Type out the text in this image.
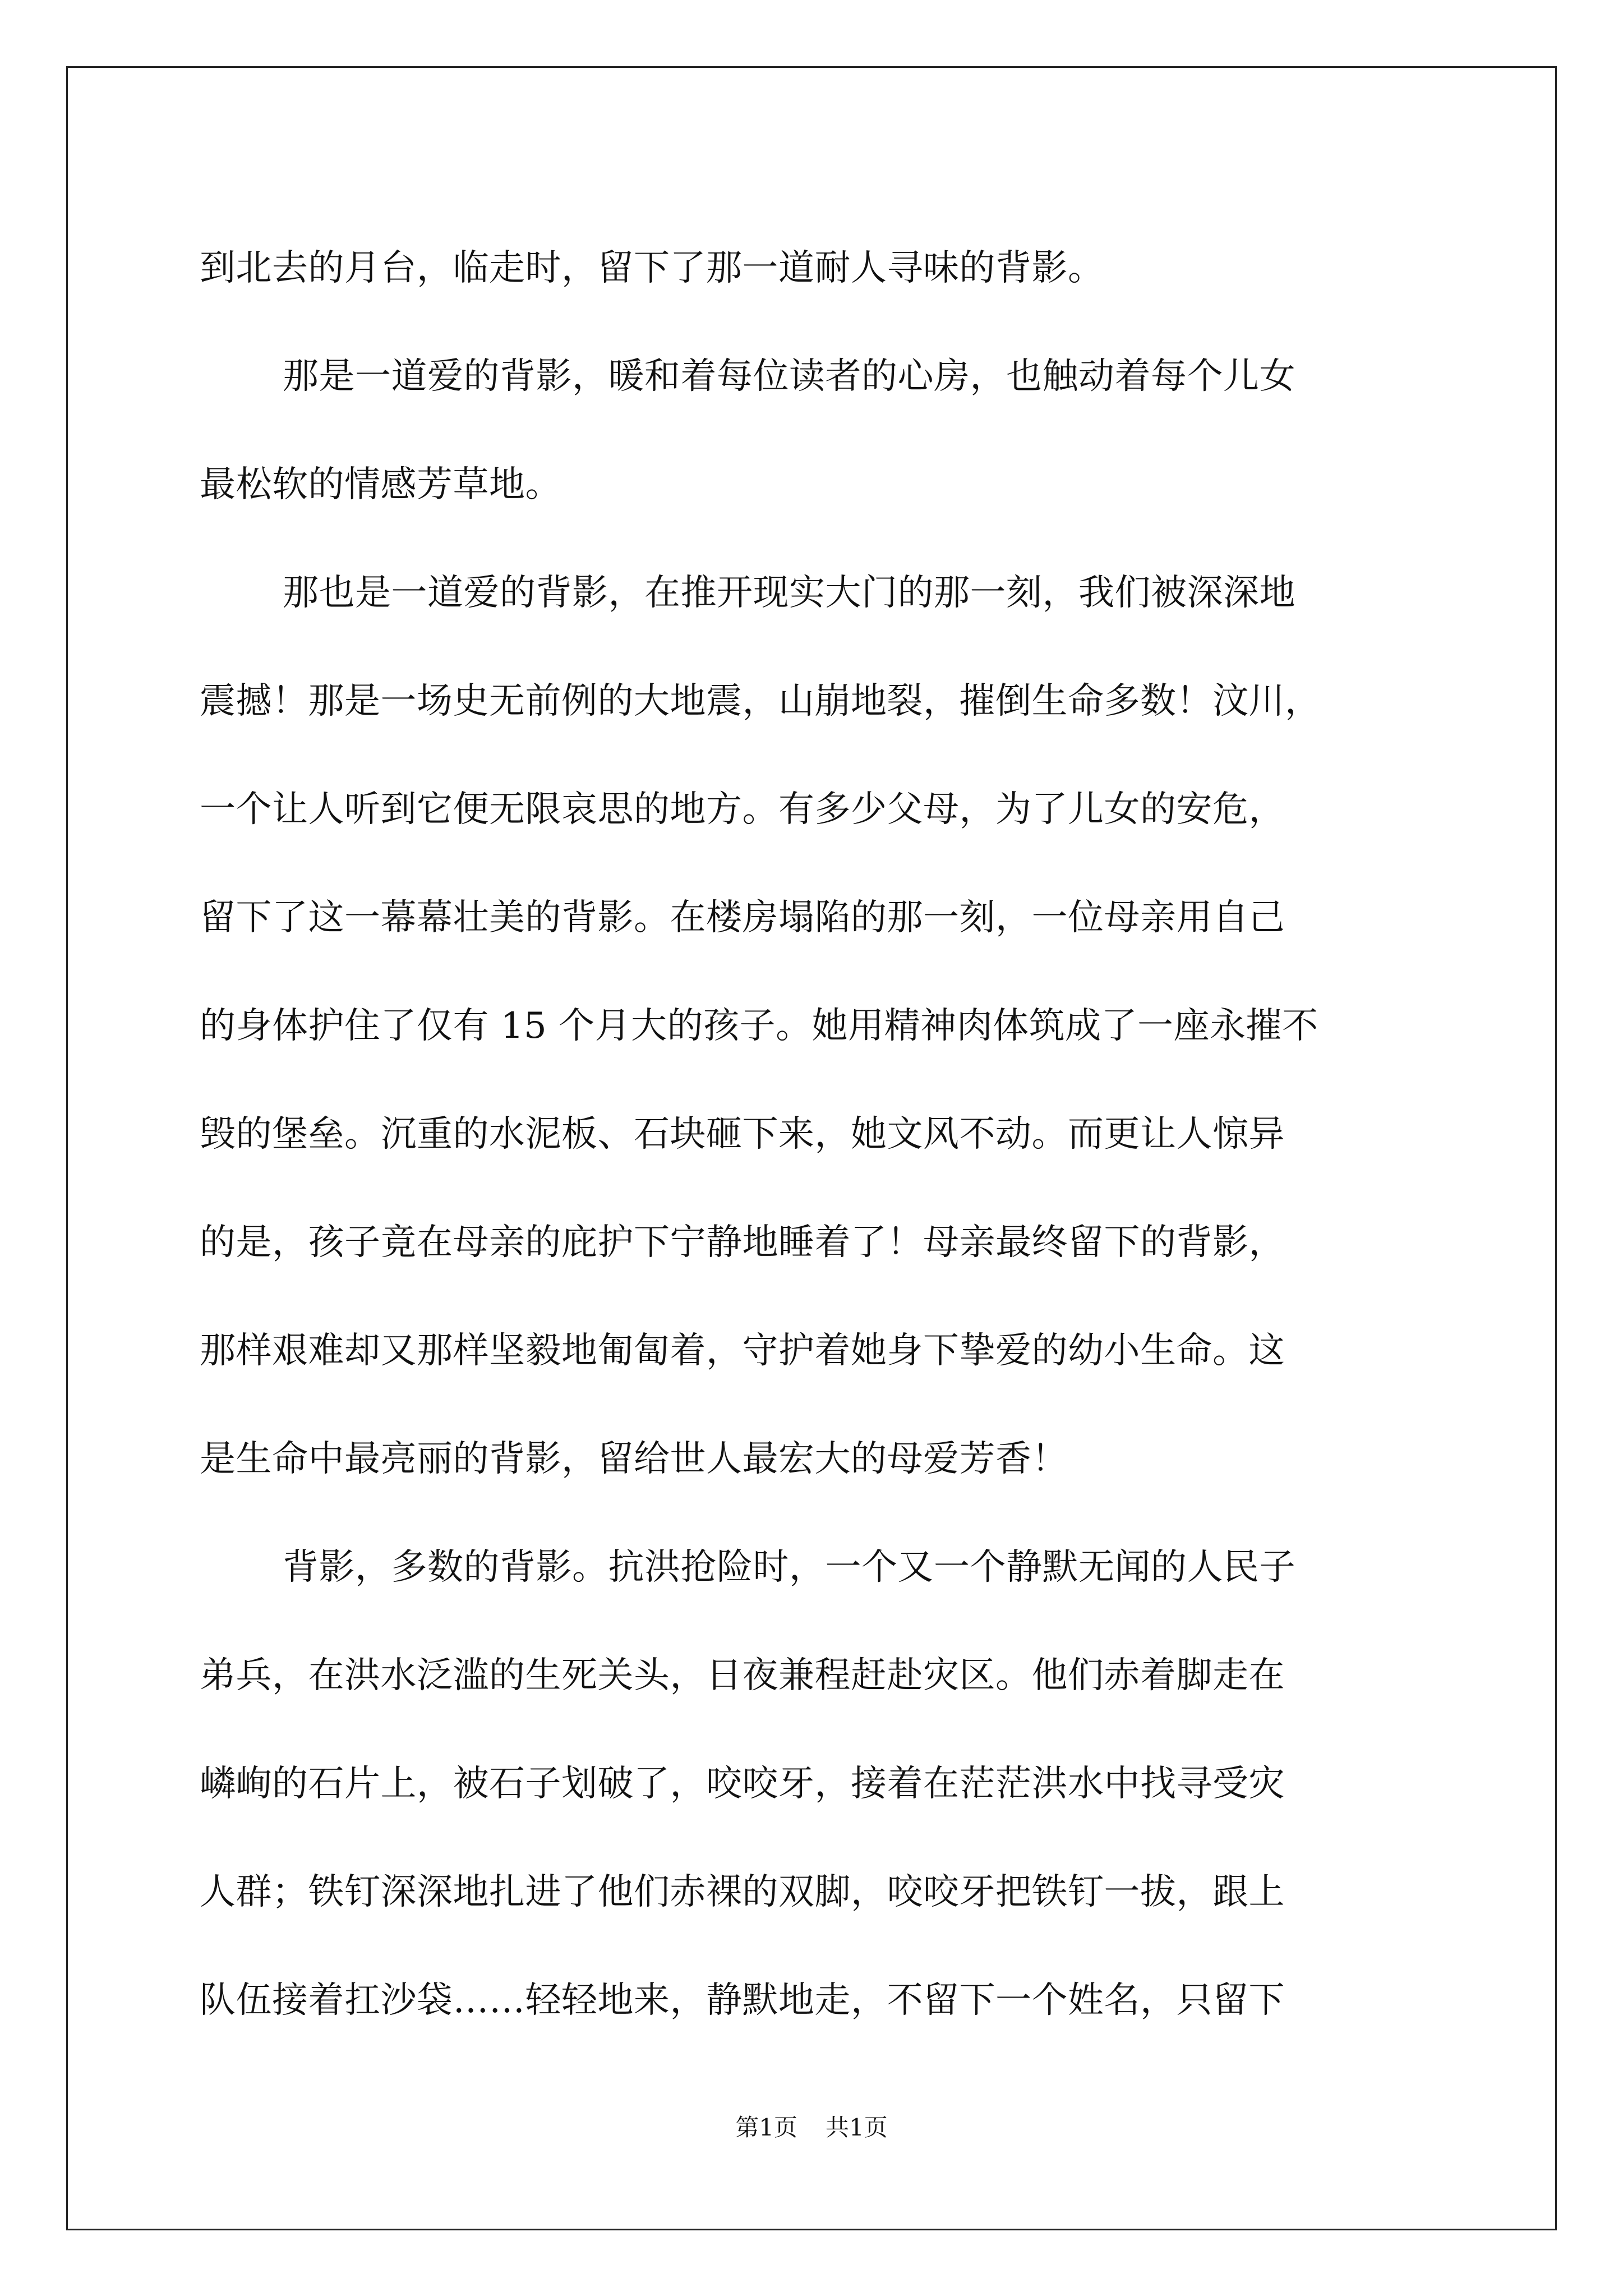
到北去的月台，临走时，留下了那一道耐人寻味的背影。
那是一道爱的背影，暖和着每位读者的心房，也触动着每个儿女
最松软的情感芳草地。
那也是一道爱的背影，在推开现实大门的那一刻，我们被深深地
震撼！那是一场史无前例的大地震，山崩地裂，摧倒生命多数！汶川，
一个让人听到它便无限哀思的地方。有多少父母，为了儿女的安危，
留下了这一幕幕壮美的背影。在楼房塌陷的那一刻，一位母亲用自己
的身体护住了仅有 15 个月大的孩子。她用精神肉体筑成了一座永摧不
毁的堡垒。沉重的水泥板、石块砸下来，她文风不动。而更让人惊异
的是，孩子竟在母亲的庇护下宁静地睡着了！母亲最终留下的背影，
那样艰难却又那样坚毅地匍匐着，守护着她身下挚爱的幼小生命。这
是生命中最亮丽的背影，留给世人最宏大的母爱芳香！
背影，多数的背影。抗洪抢险时，一个又一个静默无闻的人民子
弟兵，在洪水泛滥的生死关头，日夜兼程赶赴灾区。他们赤着脚走在
嶙峋的石片上，被石子划破了，咬咬牙，接着在茫茫洪水中找寻受灾
人群；铁钉深深地扎进了他们赤裸的双脚，咬咬牙把铁钉一拔，跟上
队伍接着扛沙袋……轻轻地来，静默地走，不留下一个姓名，只留下
第1页 共1页
